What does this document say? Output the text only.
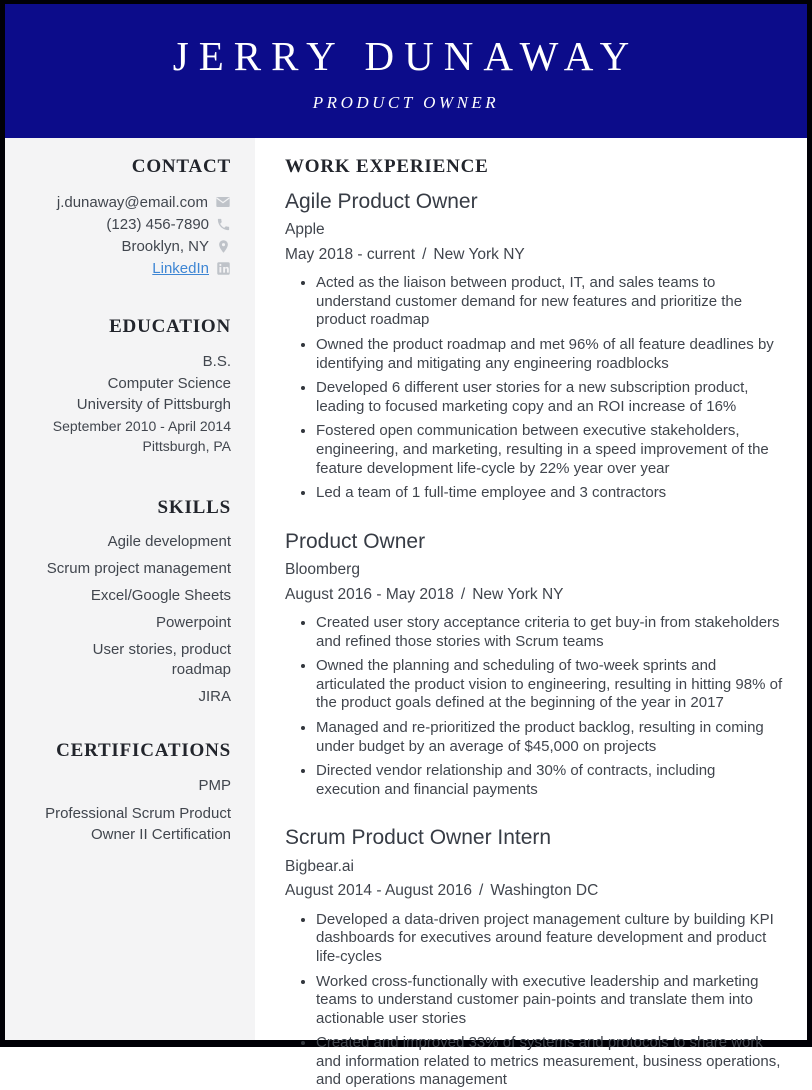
JERRY DUNAWAY
PRODUCT OWNER
CONTACT
j.dunaway@email.com
(123) 456-7890
Brooklyn, NY
LinkedIn
EDUCATION
B.S.
Computer Science
University of Pittsburgh
September 2010 - April 2014
Pittsburgh, PA
SKILLS
Agile development
Scrum project management
Excel/Google Sheets
Powerpoint
User stories, product roadmap
JIRA
CERTIFICATIONS
PMP
Professional Scrum Product Owner II Certification
WORK EXPERIENCE
Agile Product Owner
Apple
May 2018 - current / New York NY
• Acted as the liaison between product, IT, and sales teams to understand customer demand for new features and prioritize the product roadmap
• Owned the product roadmap and met 96% of all feature deadlines by identifying and mitigating any engineering roadblocks
• Developed 6 different user stories for a new subscription product, leading to focused marketing copy and an ROI increase of 16%
• Fostered open communication between executive stakeholders, engineering, and marketing, resulting in a speed improvement of the feature development life-cycle by 22% year over year
• Led a team of 1 full-time employee and 3 contractors
Product Owner
Bloomberg
August 2016 - May 2018 / New York NY
• Created user story acceptance criteria to get buy-in from stakeholders and refined those stories with Scrum teams
• Owned the planning and scheduling of two-week sprints and articulated the product vision to engineering, resulting in hitting 98% of the product goals defined at the beginning of the year in 2017
• Managed and re-prioritized the product backlog, resulting in coming under budget by an average of $45,000 on projects
• Directed vendor relationship and 30% of contracts, including execution and financial payments
Scrum Product Owner Intern
Bigbear.ai
August 2014 - August 2016 / Washington DC
• Developed a data-driven project management culture by building KPI dashboards for executives around feature development and product life-cycles
• Worked cross-functionally with executive leadership and marketing teams to understand customer pain-points and translate them into actionable user stories
• Created and improved 33% of systems and protocols to share work and information related to metrics measurement, business operations, and operations management
